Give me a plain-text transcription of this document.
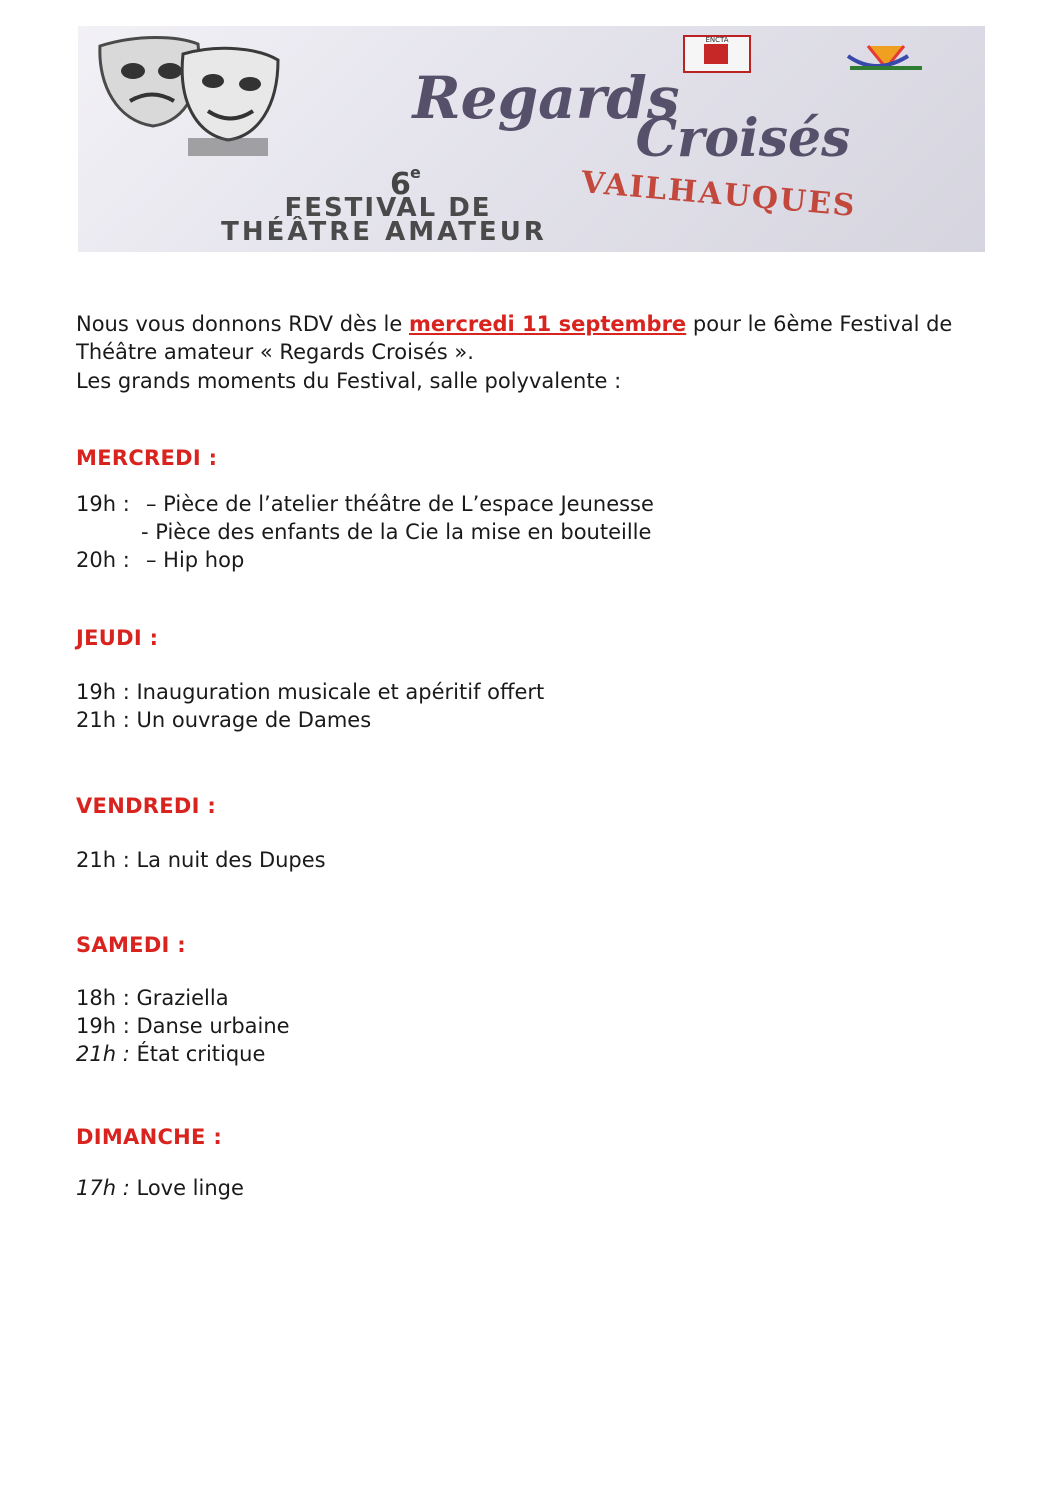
ENCTA
Regards
Croisés
6 e	VAILHAUQUES
FESTIVAL DE
THÉÂTRE AMATEUR
Nous vous donnons RDV dès le mercredi 11 septembre pour le 6ème Festival de
Théâtre amateur « Regards Croisés ».
Les grands moments du Festival, salle polyvalente :
MERCREDI :
19h : – Pièce de l’atelier théâtre de L’espace Jeunesse
- Pièce des enfants de la Cie la mise en bouteille
20h : – Hip hop
JEUDI :
19h : Inauguration musicale et apéritif offert
21h : Un ouvrage de Dames
VENDREDI :
21h : La nuit des Dupes
SAMEDI :
18h : Graziella
19h : Danse urbaine
21h : État critique
DIMANCHE :
17h : Love linge
